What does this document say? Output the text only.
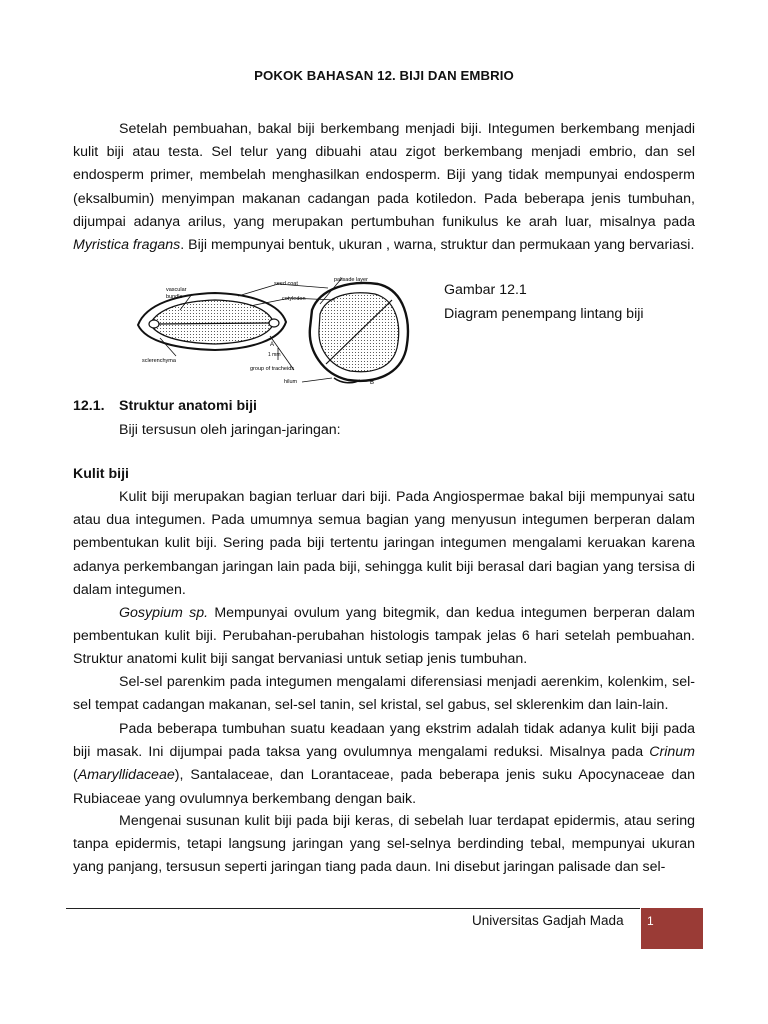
POKOK BAHASAN 12. BIJI DAN EMBRIO

Setelah pembuahan, bakal biji berkembang menjadi biji. Integumen berkembang menjadi kulit biji atau testa. Sel telur yang dibuahi atau zigot berkembang menjadi embrio, dan sel endosperm primer, membelah menghasilkan endosperm. Biji yang tidak mempunyai endosperm (eksalbumin) menyimpan makanan cadangan pada kotiledon. Pada beberapa jenis tumbuhan, dijumpai adanya arilus, yang merupakan pertumbuhan funikulus ke arah luar, misalnya pada Myristica fragans. Biji mempunyai bentuk, ukuran , warna, struktur dan permukaan yang bervariasi.

seed coat
palisade layer
vascular
bundle	cotyledon
sclerenchyma
A
1 mm
group of tracheids
hilum	B

Gambar 12.1
Diagram penempang lintang biji

12.1. Struktur anatomi biji
Biji tersusun oleh jaringan-jaringan:
Kulit biji

Kulit biji merupakan bagian terluar dari biji. Pada Angiospermae bakal biji mempunyai satu atau dua integumen. Pada umumnya semua bagian yang menyusun integumen berperan dalam pembentukan kulit biji. Sering pada biji tertentu jaringan integumen mengalami keruakan karena adanya perkembangan jaringan lain pada biji, sehingga kulit biji berasal dari bagian yang tersisa di dalam integumen.

Gosypium sp. Mempunyai ovulum yang bitegmik, dan kedua integumen berperan dalam pembentukan kulit biji. Perubahan-perubahan histologis tampak jelas 6 hari setelah pembuahan. Struktur anatomi kulit biji sangat bervaniasi untuk setiap jenis tumbuhan.

Sel-sel parenkim pada integumen mengalami diferensiasi menjadi aerenkim, kolenkim, sel-sel tempat cadangan makanan, sel-sel tanin, sel kristal, sel gabus, sel sklerenkim dan lain-lain.

Pada beberapa tumbuhan suatu keadaan yang ekstrim adalah tidak adanya kulit biji pada biji masak. Ini dijumpai pada taksa yang ovulumnya mengalami reduksi. Misalnya pada Crinum (Amaryllidaceae), Santalaceae, dan Lorantaceae, pada beberapa jenis suku Apocynaceae dan Rubiaceae yang ovulumnya berkembang dengan baik.

Mengenai susunan kulit biji pada biji keras, di sebelah luar terdapat epidermis, atau sering tanpa epidermis, tetapi langsung jaringan yang sel-selnya berdinding tebal, mempunyai ukuran yang panjang, tersusun seperti jaringan tiang pada daun. Ini disebut jaringan palisade dan sel-

Universitas Gadjah Mada 1
